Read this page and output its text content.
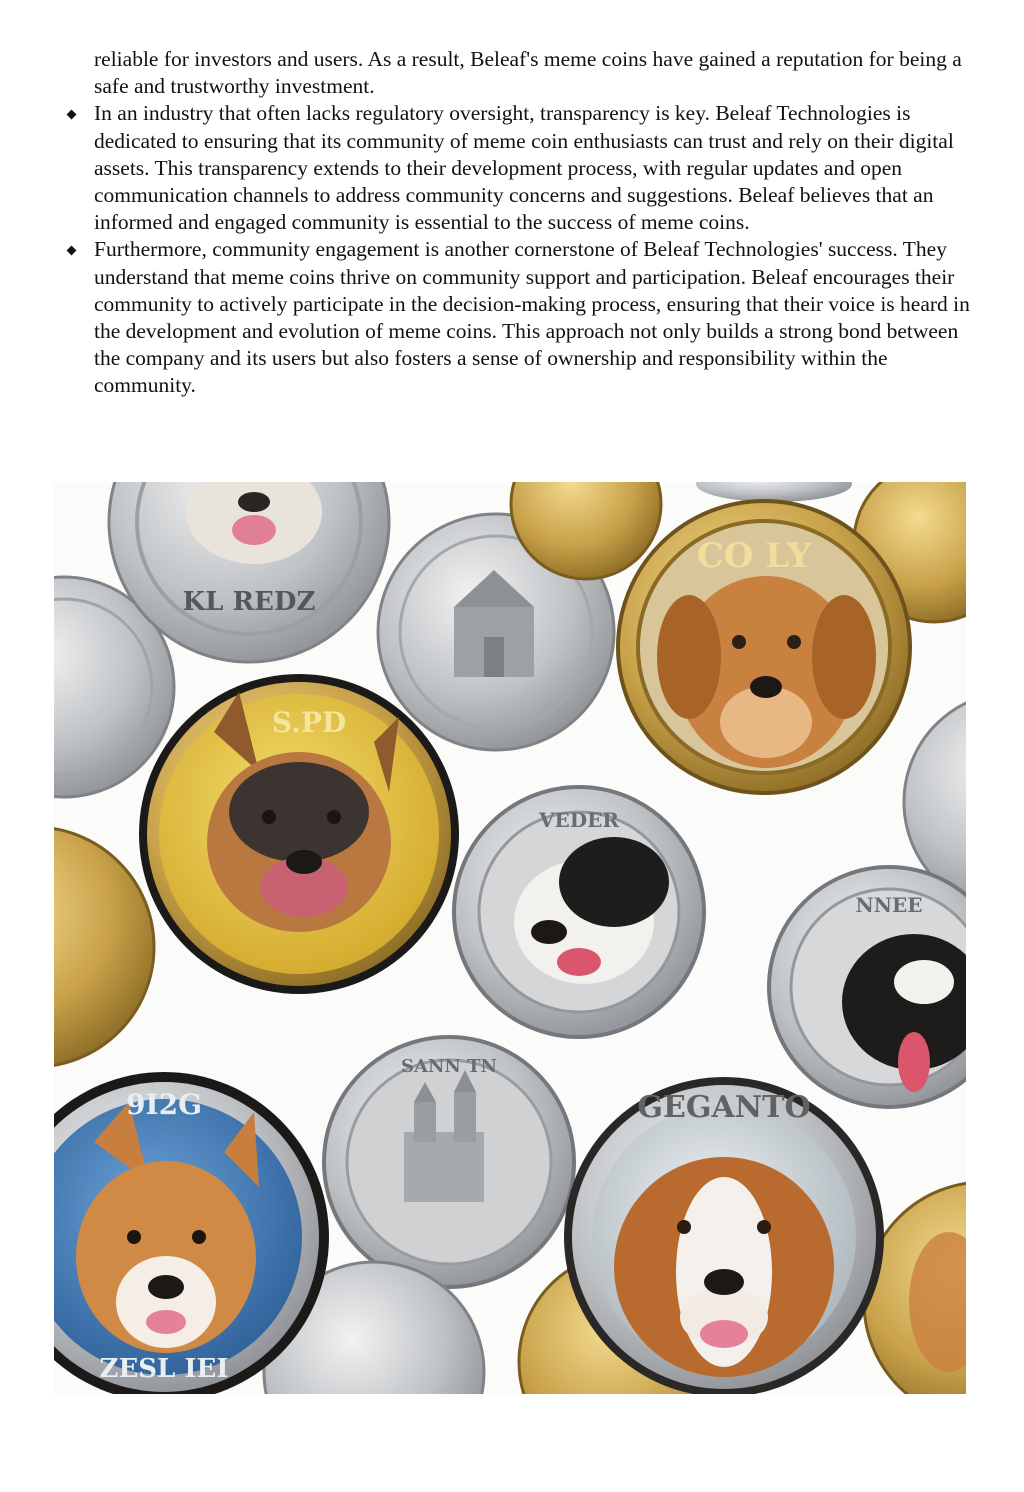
reliable for investors and users. As a result, Beleaf's meme coins have gained a reputation for being a safe and trustworthy investment.

In an industry that often lacks regulatory oversight, transparency is key. Beleaf Technologies is dedicated to ensuring that its community of meme coin enthusiasts can trust and rely on their digital assets. This transparency extends to their development process, with regular updates and open communication channels to address community concerns and suggestions. Beleaf believes that an informed and engaged community is essential to the success of meme coins.
Furthermore, community engagement is another cornerstone of Beleaf Technologies' success. They understand that meme coins thrive on community support and participation. Beleaf encourages their community to actively participate in the decision-making process, ensuring that their voice is heard in the development and evolution of meme coins. This approach not only builds a strong bond between the company and its users but also fosters a sense of ownership and responsibility within the community.
KL REDZ
CO LY
S.PD
VEDER
NNEE
SANN TN
GEGANTO
9I2G
ZESL IEI
